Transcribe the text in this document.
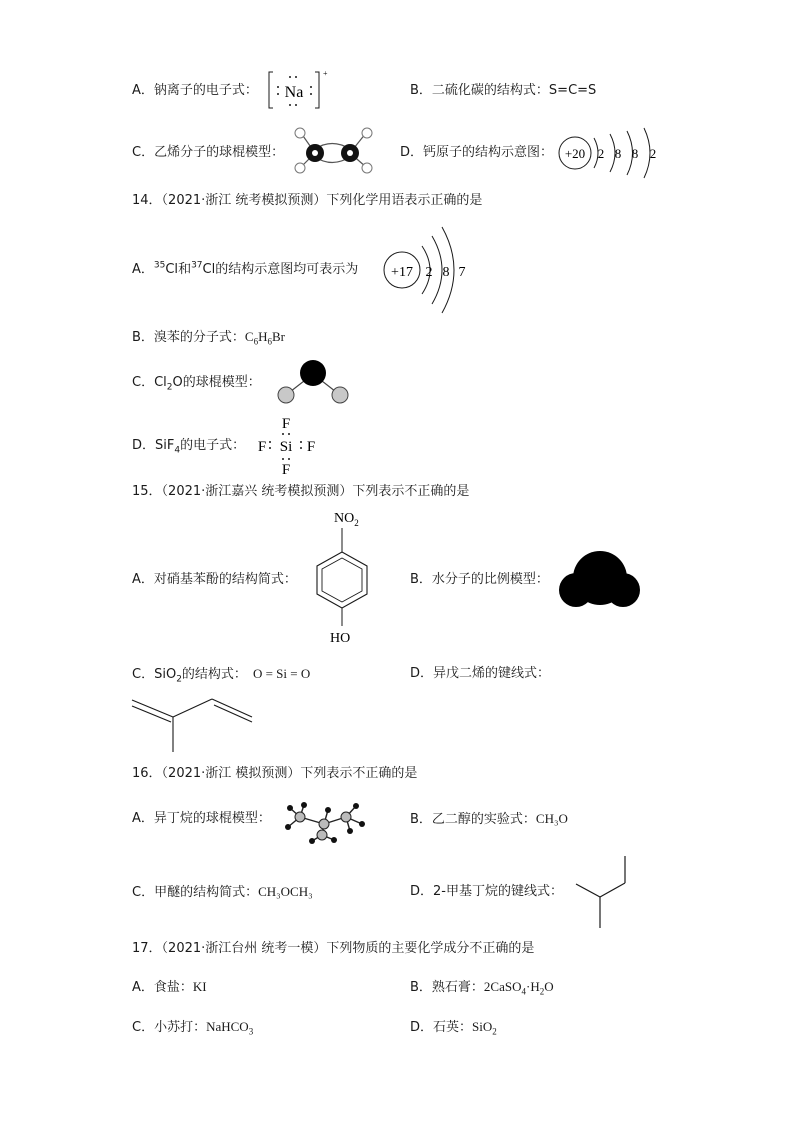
A．钠离子的电子式： Na
+
B．二硫化碳的结构式：S=C=S
C．乙烯分子的球棍模型：	D．钙原子的结构示意图： +20 2 8 8 2
14．（2021·浙江 统考模拟预测）下列化学用语表示正确的是
A．$^{35}$Cl和$^{37}$Cl的结构示意图均可表示为 +17 2 8 7
B．溴苯的分子式：$C_6H_6Br$
C．$Cl_2O$的球棍模型：
D．SiF$_4$的电子式：
F
F Si F
F
15．（2021·浙江嘉兴 统考模拟预测）下列表示不正确的是
A．对硝基苯酚的结构简式：
$NO_2$
HO
B．水分子的比例模型：
C．SiO$_2$的结构式： O = Si = O	D．异戊二烯的键线式：
16．（2021·浙江 模拟预测）下列表示不正确的是
A．异丁烷的球棍模型：	B．乙二醇的实验式：CH₃O
C．甲醚的结构简式：CH₃OCH₃	D．2-甲基丁烷的键线式：
17．（2021·浙江台州 统考一模）下列物质的主要化学成分不正确的是
A．食盐：KI	B．熟石膏：$2CaSO_4\cdot H_2O$
C．小苏打：NaHCO$_3$	D．石英：SiO$_2$
